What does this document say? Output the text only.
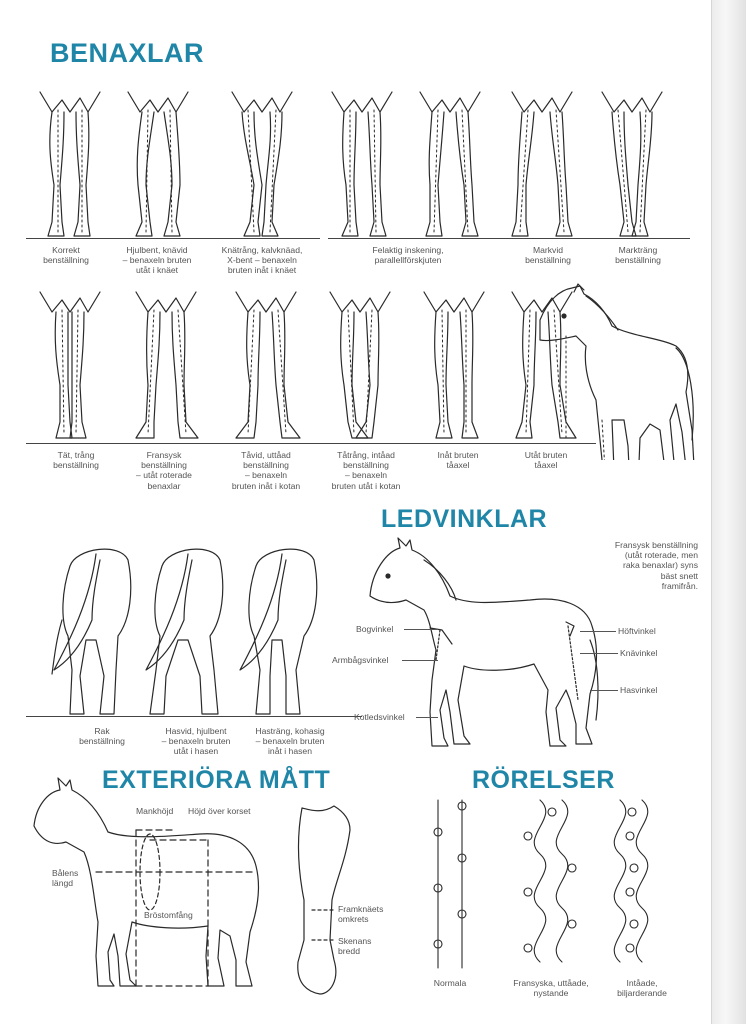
BENAXLAR
LEDVINKLAR
EXTERIÖRA MÅTT	RÖRELSER
Korrekt
benställning
Hjulbent, knävid
– benaxeln bruten
utåt i knäet
Knätrång, kalvknäad,
X-bent – benaxeln
bruten inåt i knäet
Felaktig inskening,
parallellförskjuten
Markvid
benställning
Markträng
benställning
Tät, trång
benställning
Fransysk
benställning
– utåt roterade
benaxlar
Tåvid, uttåad
benställning
– benaxeln
bruten inåt i kotan
Tåtrång, intåad
benställning
– benaxeln
bruten utåt i kotan
Inåt bruten
tåaxel
Utåt bruten
tåaxel
Fransysk benställning
(utåt roterade, men
raka benaxlar) syns
bäst snett
framifrån.
Rak
benställning
Hasvid, hjulbent
– benaxeln bruten
utåt i hasen
Hasträng, kohasig
– benaxeln bruten
inåt i hasen
Bogvinkel
Armbågsvinkel
Kotledsvinkel
Höftvinkel
Knävinkel
Hasvinkel
Mankhöjd Höjd över korset
Bålens
längd
Bröstomfång
Framknäets
omkrets
Skenans
bredd
Normala	Fransyska, uttåade,
nystande
Intåade,
biljarderande
